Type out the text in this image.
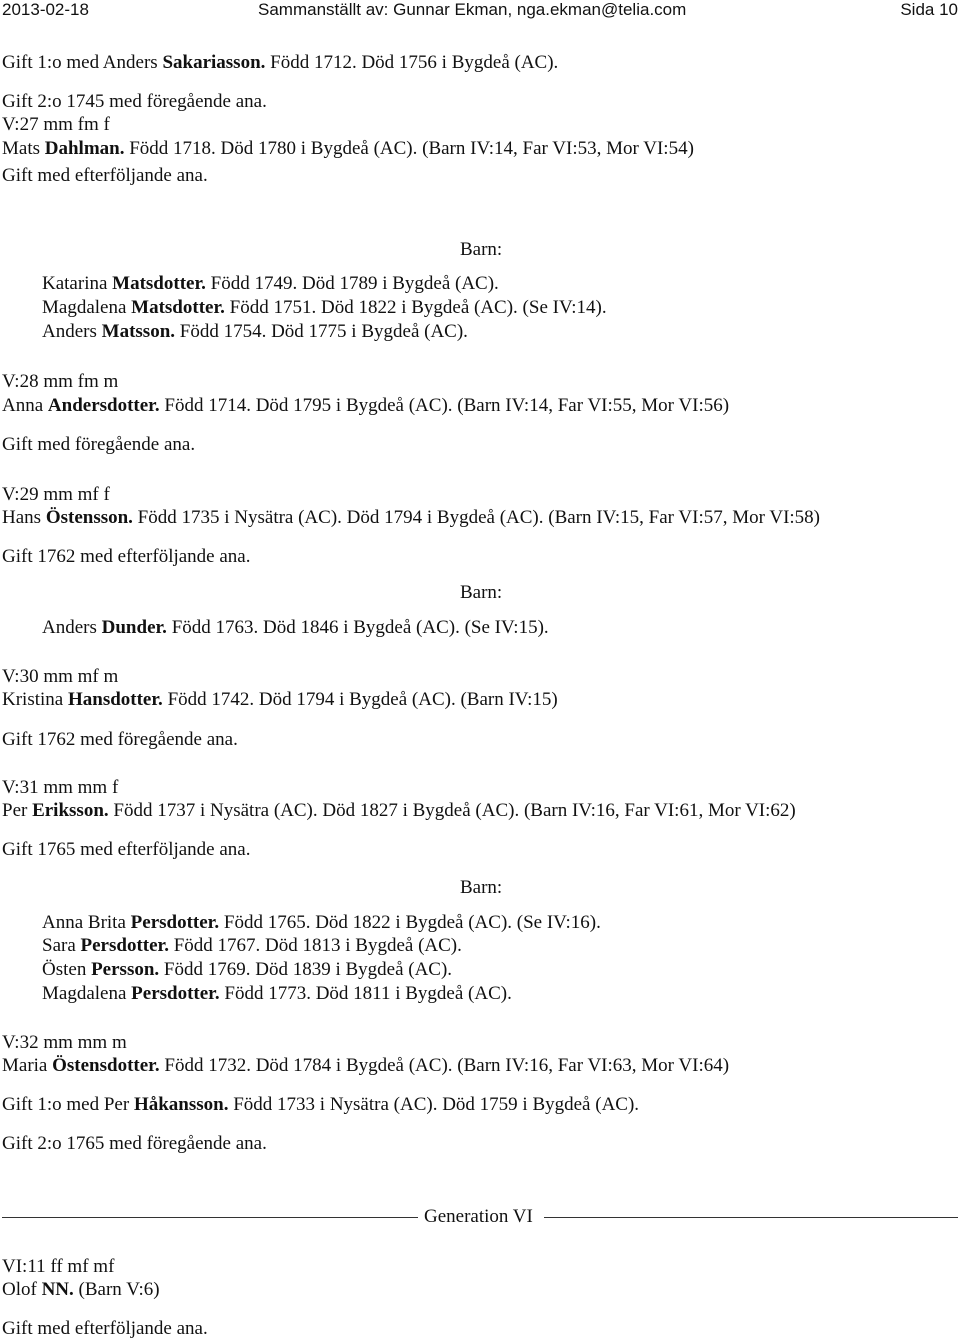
2013-02-18	Sammanställt av: Gunnar Ekman, nga.ekman@telia.com	Sida 10
Gift 1:o med Anders Sakariasson. Född 1712. Död 1756 i Bygdeå (AC).
Gift 2:o 1745 med föregående ana.
V:27 mm fm f
Mats Dahlman. Född 1718. Död 1780 i Bygdeå (AC). (Barn IV:14, Far VI:53, Mor VI:54)
Gift med efterföljande ana.
Barn:
Katarina Matsdotter. Född 1749. Död 1789 i Bygdeå (AC).
Magdalena Matsdotter. Född 1751. Död 1822 i Bygdeå (AC). (Se IV:14).
Anders Matsson. Född 1754. Död 1775 i Bygdeå (AC).
V:28 mm fm m
Anna Andersdotter. Född 1714. Död 1795 i Bygdeå (AC). (Barn IV:14, Far VI:55, Mor VI:56)
Gift med föregående ana.
V:29 mm mf f
Hans Östensson. Född 1735 i Nysätra (AC). Död 1794 i Bygdeå (AC). (Barn IV:15, Far VI:57, Mor VI:58)
Gift 1762 med efterföljande ana.
Barn:
Anders Dunder. Född 1763. Död 1846 i Bygdeå (AC). (Se IV:15).
V:30 mm mf m
Kristina Hansdotter. Född 1742. Död 1794 i Bygdeå (AC). (Barn IV:15)
Gift 1762 med föregående ana.
V:31 mm mm f
Per Eriksson. Född 1737 i Nysätra (AC). Död 1827 i Bygdeå (AC). (Barn IV:16, Far VI:61, Mor VI:62)
Gift 1765 med efterföljande ana.
Barn:
Anna Brita Persdotter. Född 1765. Död 1822 i Bygdeå (AC). (Se IV:16).
Sara Persdotter. Född 1767. Död 1813 i Bygdeå (AC).
Östen Persson. Född 1769. Död 1839 i Bygdeå (AC).
Magdalena Persdotter. Född 1773. Död 1811 i Bygdeå (AC).
V:32 mm mm m
Maria Östensdotter. Född 1732. Död 1784 i Bygdeå (AC). (Barn IV:16, Far VI:63, Mor VI:64)
Gift 1:o med Per Håkansson. Född 1733 i Nysätra (AC). Död 1759 i Bygdeå (AC).
Gift 2:o 1765 med föregående ana.
Generation VI
VI:11 ff mf mf
Olof NN. (Barn V:6)
Gift med efterföljande ana.
